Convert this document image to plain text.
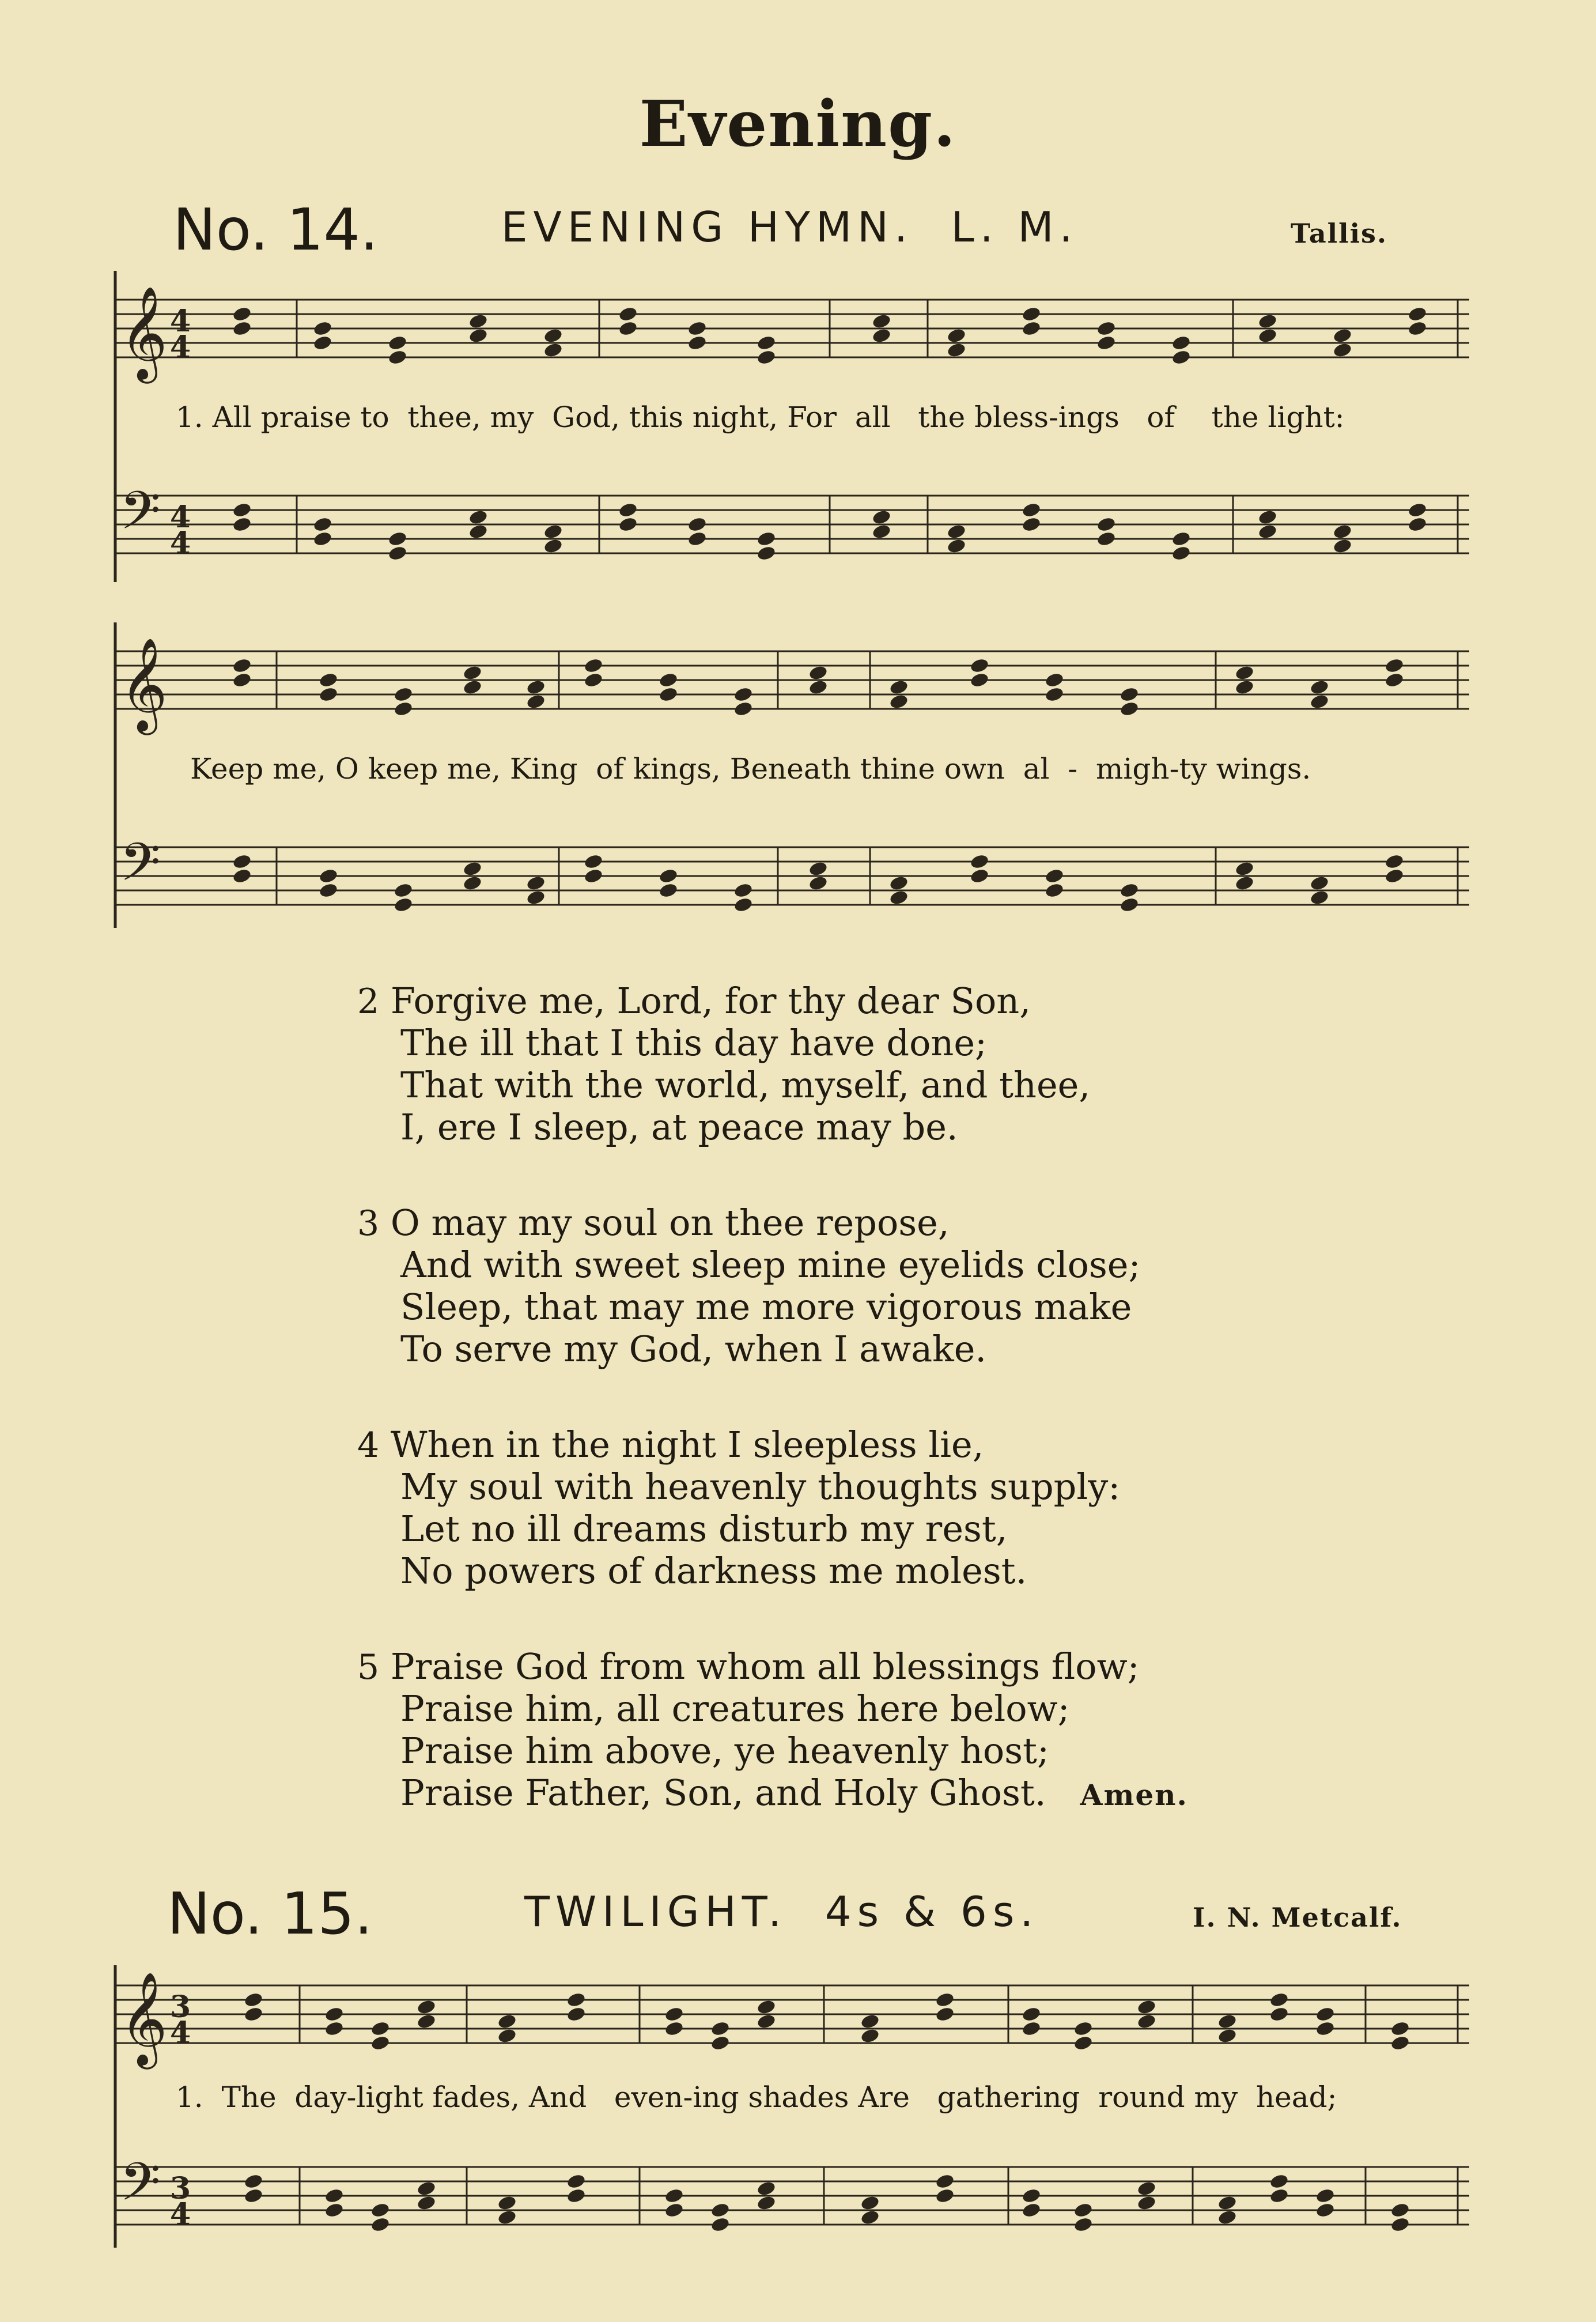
Evening.
No. 14.	EVENING HYMN.  L. M.	Tallis.
𝄞
𝄢
𝄞
𝄢
4
4
4
4
1. All praise to  thee, my  God, this night, For  all   the bless-ings   of    the light:
Keep me, O keep me, King  of kings, Beneath thine own  al  -  migh-ty wings.
2 Forgive me, Lord, for thy dear Son,
The ill that I this day have done;
That with the world, myself, and thee,
I, ere I sleep, at peace may be.
3 O may my soul on thee repose,
And with sweet sleep mine eyelids close;
Sleep, that may me more vigorous make
To serve my God, when I awake.
4 When in the night I sleepless lie,
My soul with heavenly thoughts supply:
Let no ill dreams disturb my rest,
No powers of darkness me molest.
5 Praise God from whom all blessings flow;
Praise him, all creatures here below;
Praise him above, ye heavenly host;
Praise Father, Son, and Holy Ghost. Amen.
No. 15.	TWILIGHT.  4s & 6s.	I. N. Metcalf.
𝄞
𝄢
3
4
3
4
1.  The  day-light fades, And   even-ing shades Are   gathering  round my  head;
